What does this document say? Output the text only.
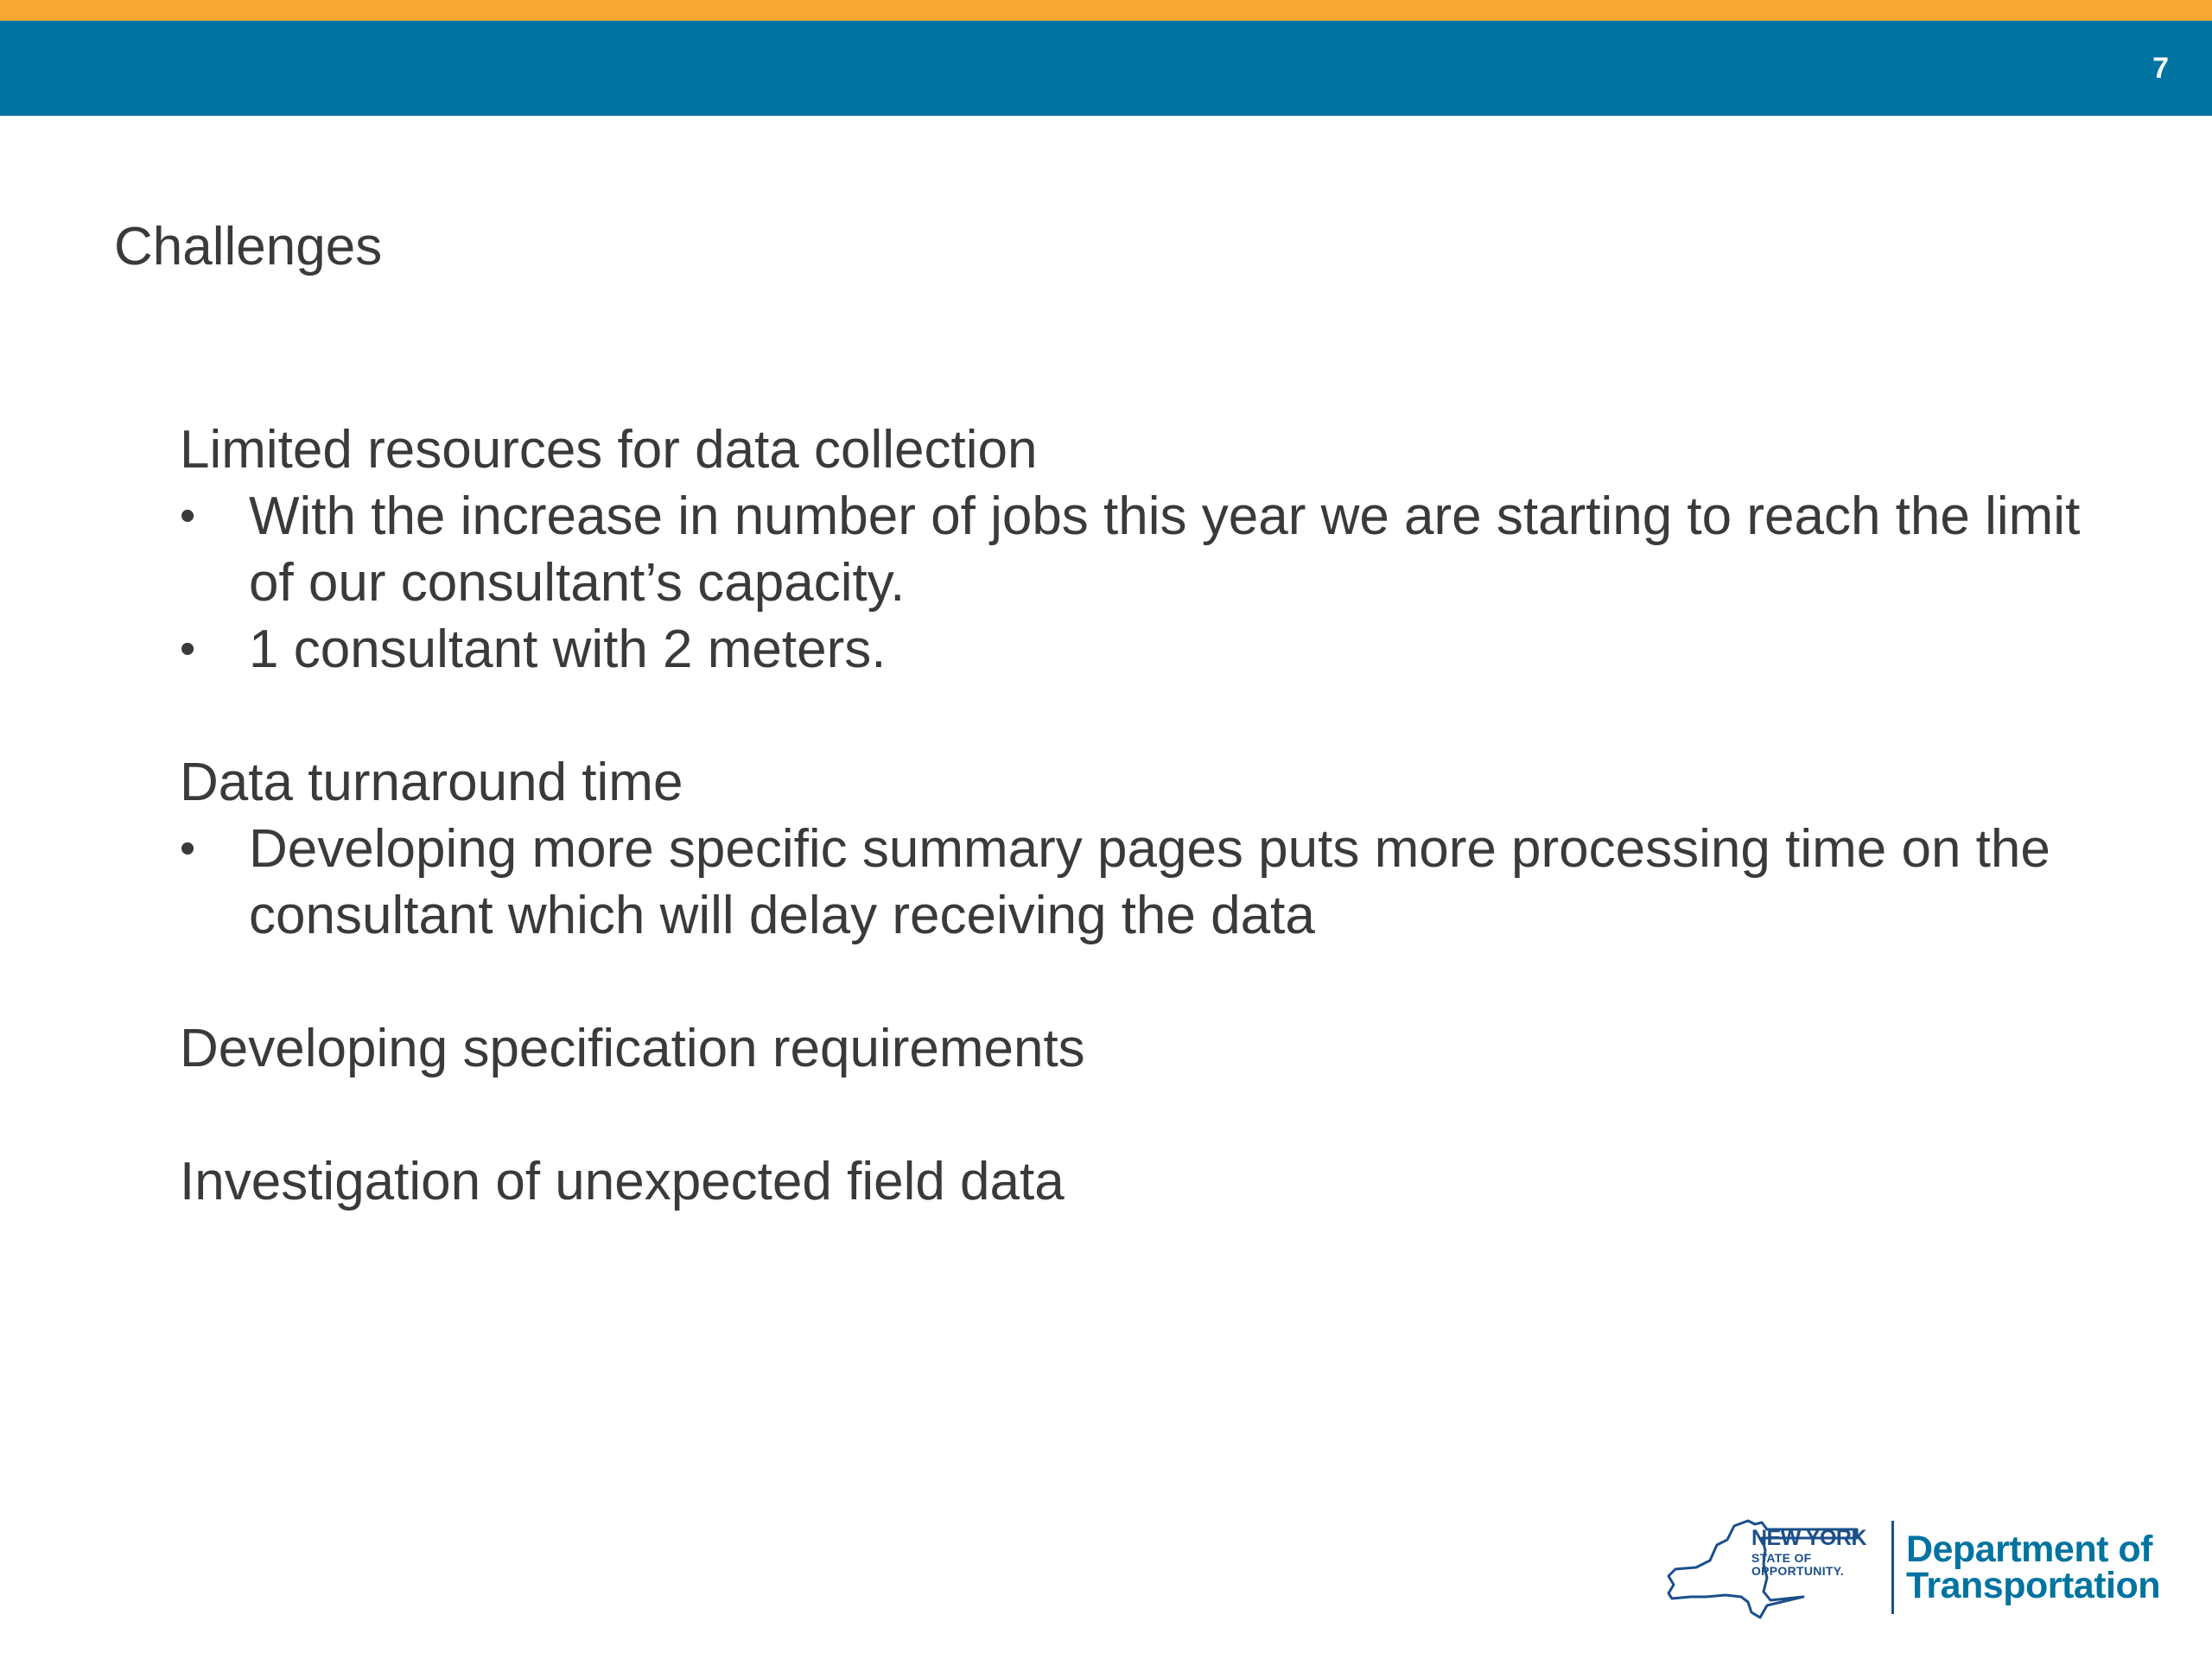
7
Challenges

Limited resources for data collection

• With the increase in number of jobs this year we are starting to reach the limit of our consultant’s capacity.
• 1 consultant with 2 meters.

Data turnaround time

• Developing more specific summary pages puts more processing time on the consultant which will delay receiving the data

Developing specification requirements

Investigation of unexpected field data

NEW YORK
STATE OF OPPORTUNITY.
Department of
Transportation
